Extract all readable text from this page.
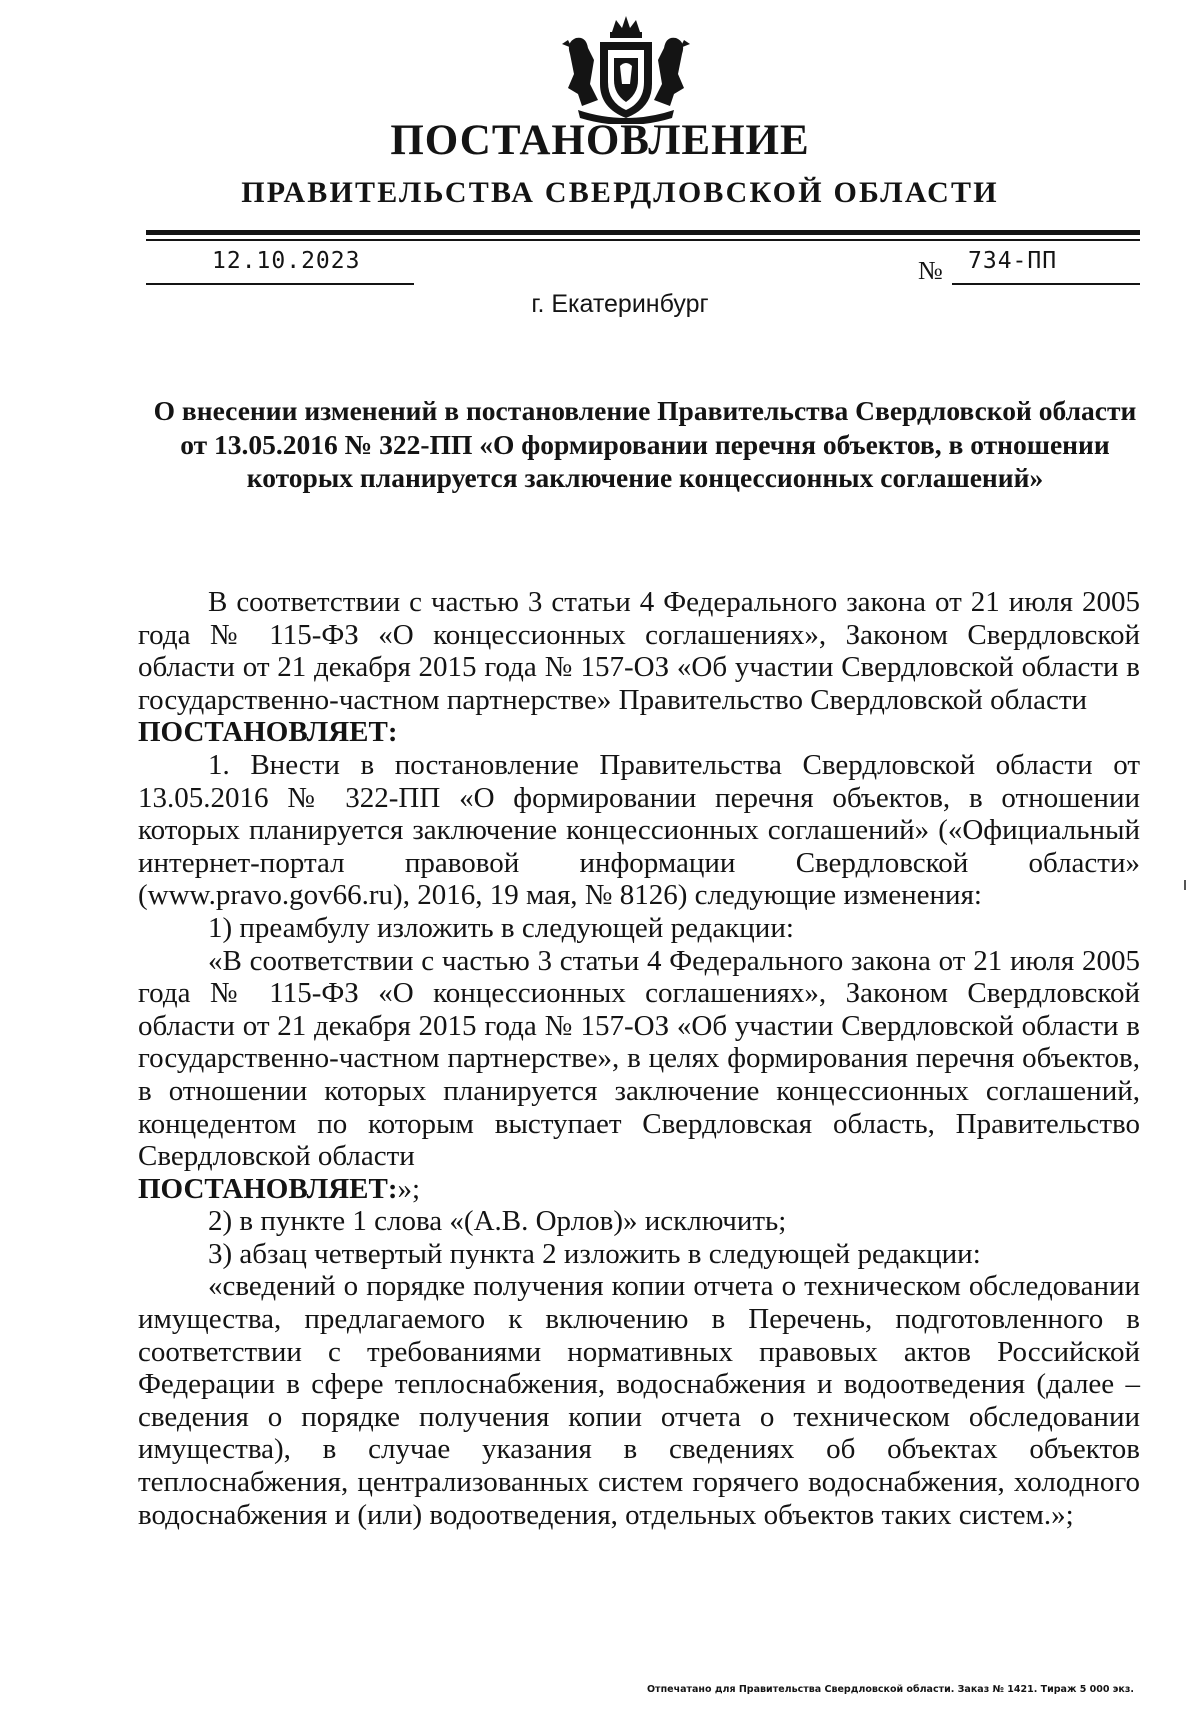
ПОСТАНОВЛЕНИЕ
ПРАВИТЕЛЬСТВА СВЕРДЛОВСКОЙ ОБЛАСТИ
12.10.2023	№ 734-ПП
г. Екатеринбург
О внесении изменений в постановление Правительства Свердловской области от 13.05.2016 № 322-ПП «О формировании перечня объектов, в отношении которых планируется заключение концессионных соглашений»

В соответствии с частью 3 статьи 4 Федерального закона от 21 июля 2005 года № 115-ФЗ «О концессионных соглашениях», Законом Свердловской области от 21 декабря 2015 года № 157-ОЗ «Об участии Свердловской области в государственно-частном партнерстве» Правительство Свердловской области

ПОСТАНОВЛЯЕТ:

1. Внести в постановление Правительства Свердловской области от 13.05.2016 № 322-ПП «О формировании перечня объектов, в отношении которых планируется заключение концессионных соглашений» («Официальный интернет-портал правовой информации Свердловской области» (www.pravo.gov66.ru), 2016, 19 мая, № 8126) следующие изменения:

1) преамбулу изложить в следующей редакции:

«В соответствии с частью 3 статьи 4 Федерального закона от 21 июля 2005 года № 115-ФЗ «О концессионных соглашениях», Законом Свердловской области от 21 декабря 2015 года № 157-ОЗ «Об участии Свердловской области в государственно-частном партнерстве», в целях формирования перечня объектов, в отношении которых планируется заключение концессионных соглашений, концедентом по которым выступает Свердловская область, Правительство Свердловской области

ПОСТАНОВЛЯЕТ:»;

2) в пункте 1 слова «(А.В. Орлов)» исключить;

3) абзац четвертый пункта 2 изложить в следующей редакции:

«сведений о порядке получения копии отчета о техническом обследовании имущества, предлагаемого к включению в Перечень, подготовленного в соответствии с требованиями нормативных правовых актов Российской Федерации в сфере теплоснабжения, водоснабжения и водоотведения (далее – сведения о порядке получения копии отчета о техническом обследовании имущества), в случае указания в сведениях об объектах объектов теплоснабжения, централизованных систем горячего водоснабжения, холодного водоснабжения и (или) водоотведения, отдельных объектов таких систем.»;

Отпечатано для Правительства Свердловской области. Заказ № 1421. Тираж 5 000 экз.
